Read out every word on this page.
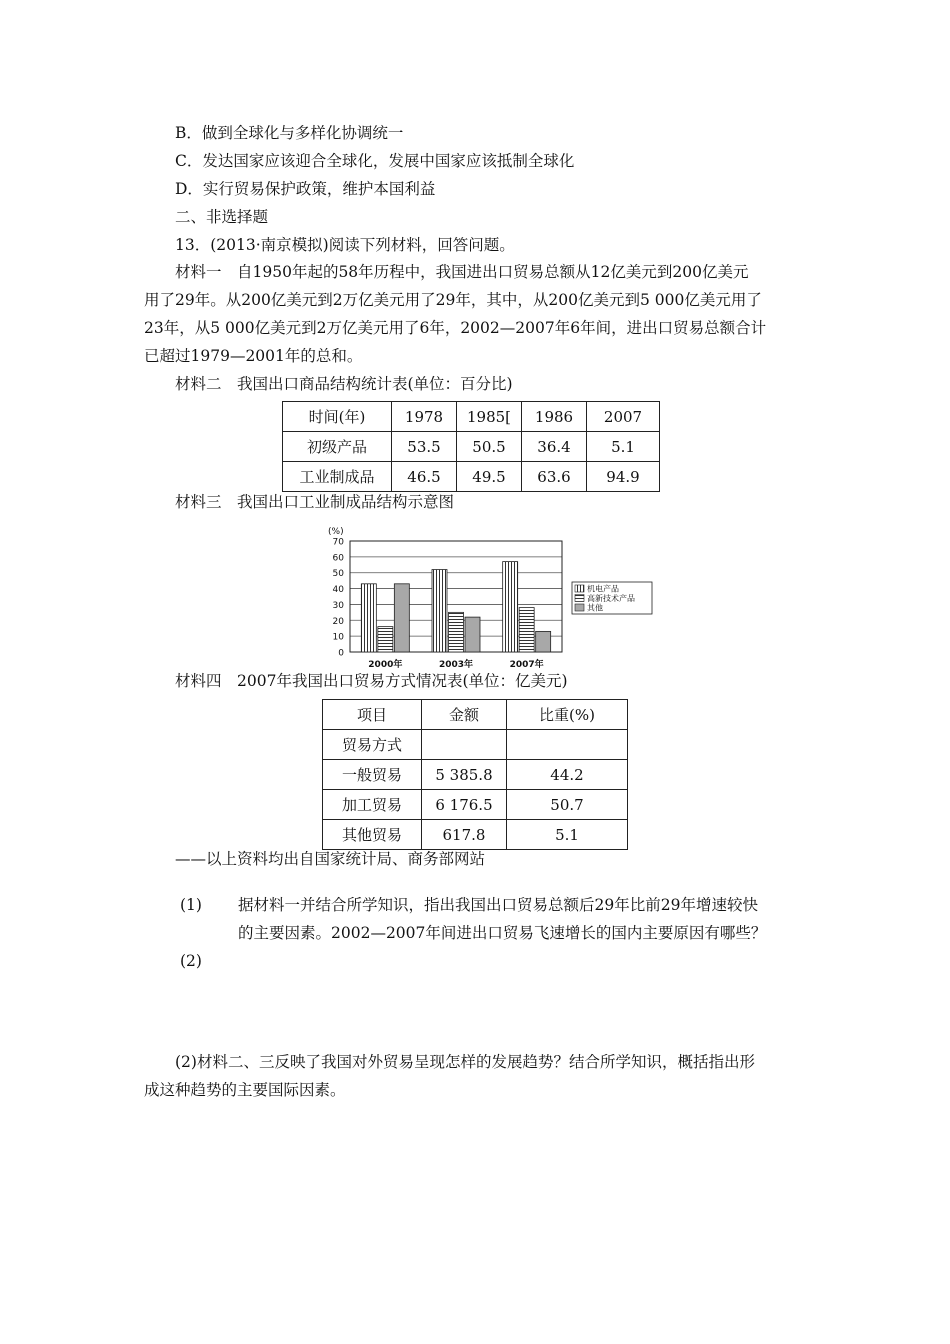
B．做到全球化与多样化协调统一
C．发达国家应该迎合全球化，发展中国家应该抵制全球化
D．实行贸易保护政策，维护本国利益
二、非选择题
13．(2013·南京模拟)阅读下列材料，回答问题。
材料一　自1950年起的58年历程中，我国进出口贸易总额从12亿美元到200亿美元
用了29年。从200亿美元到2万亿美元用了29年，其中，从200亿美元到5 000亿美元用了
23年，从5 000亿美元到2万亿美元用了6年，2002—2007年6年间，进出口贸易总额合计
已超过1979—2001年的总和。
材料二　我国出口商品结构统计表(单位：百分比)
时间(年)	1978	1985[	1986	2007
初级产品	53.5	50.5	36.4	5.1
工业制成品	46.5	49.5	63.6	94.9
材料三　我国出口工业制成品结构示意图
0
10
20
30
40
50
60
70
(%)
2000年	2003年	2007年
机电产品
高新技术产品
其他
材料四　2007年我国出口贸易方式情况表(单位：亿美元)
项目	金额	比重(%)
贸易方式		
一般贸易	5 385.8	44.2
加工贸易	6 176.5	50.7
其他贸易	617.8	5.1
——以上资料均出自国家统计局、商务部网站
(1) 据材料一并结合所学知识，指出我国出口贸易总额后29年比前29年增速较快
的主要因素。2002—2007年间进出口贸易飞速增长的国内主要原因有哪些？
(2)
(2)材料二、三反映了我国对外贸易呈现怎样的发展趋势？结合所学知识，概括指出形
成这种趋势的主要国际因素。
